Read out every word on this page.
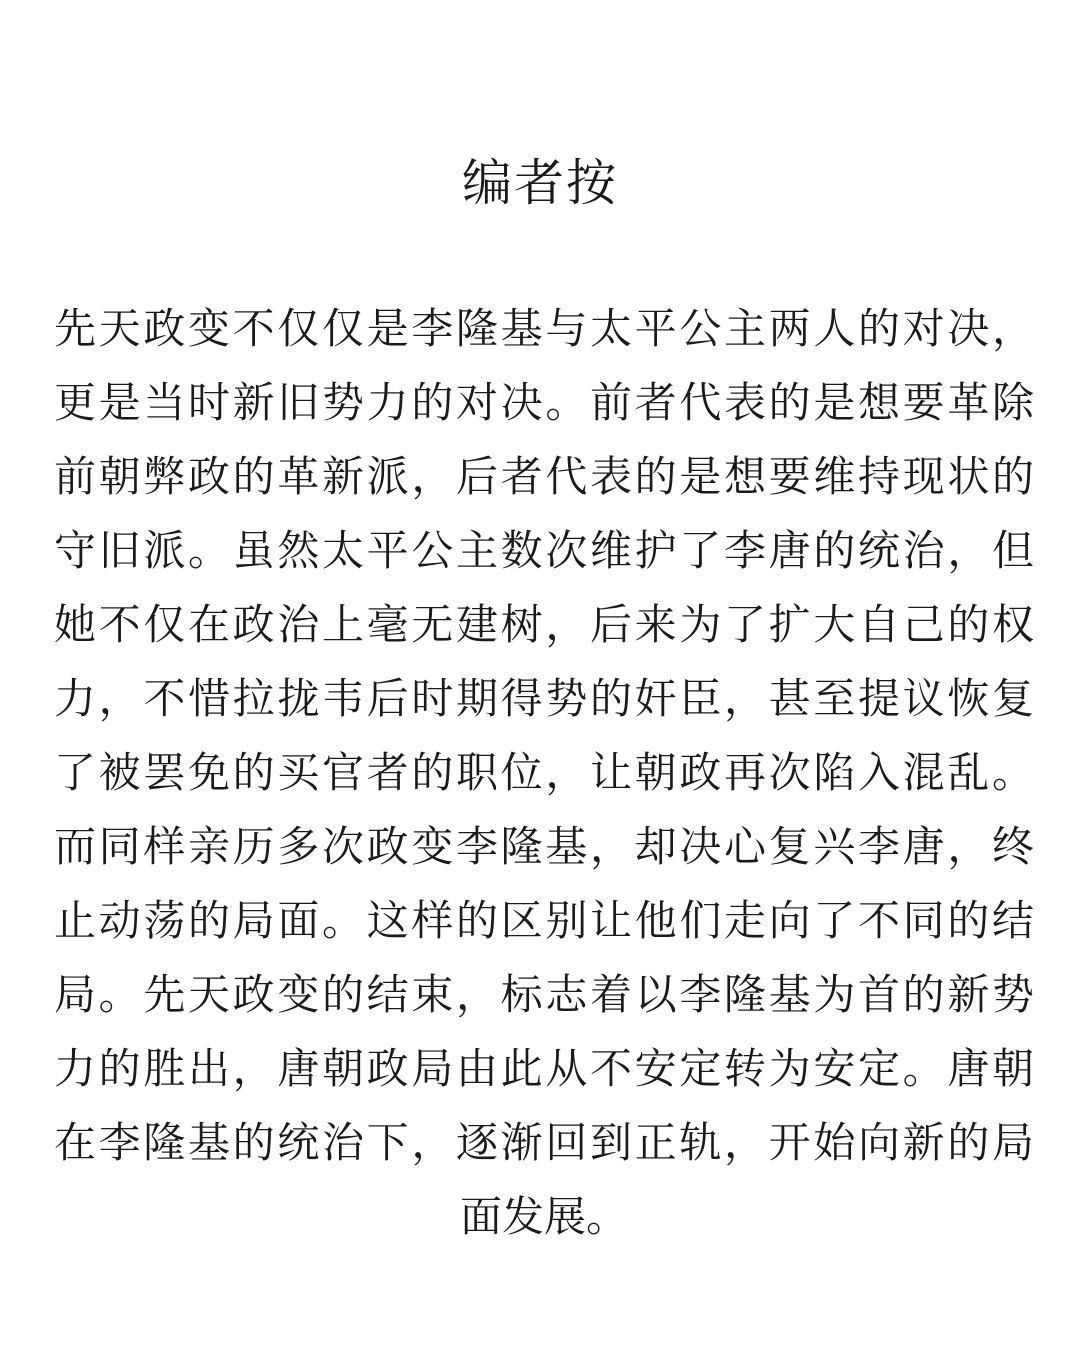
编者按
先天政变不仅仅是李隆基与太平公主两人的对决，
更是当时新旧势力的对决。前者代表的是想要革除
前朝弊政的革新派，后者代表的是想要维持现状的
守旧派。虽然太平公主数次维护了李唐的统治，但
她不仅在政治上毫无建树，后来为了扩大自己的权
力，不惜拉拢韦后时期得势的奸臣，甚至提议恢复
了被罢免的买官者的职位，让朝政再次陷入混乱。
而同样亲历多次政变李隆基，却决心复兴李唐，终
止动荡的局面。这样的区别让他们走向了不同的结
局。先天政变的结束，标志着以李隆基为首的新势
力的胜出，唐朝政局由此从不安定转为安定。唐朝
在李隆基的统治下，逐渐回到正轨，开始向新的局
面发展。
